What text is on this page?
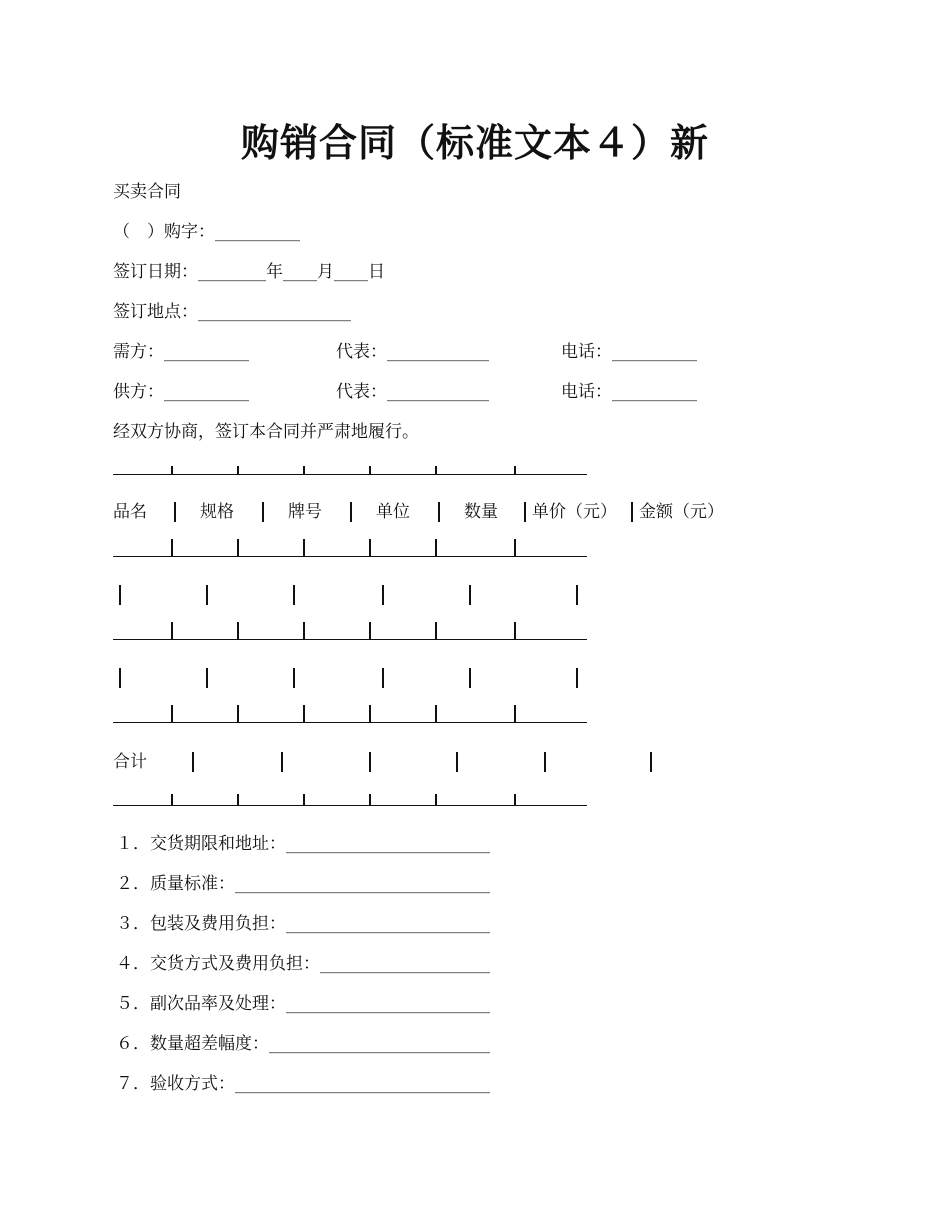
购销合同（标准文本４）新
买卖合同
（　）购字：__________
签订日期：________年____月____日
签订地点：__________________
需方：__________	代表：____________	电话：__________
供方：__________	代表：____________	电话：__________
经双方协商，签订本合同并严肃地履行。
品名	规格	牌号	单位	数量 单价（元） 金额（元）
合计
１．交货期限和地址：________________________
２．质量标准：______________________________
３．包装及费用负担：________________________
４．交货方式及费用负担：____________________
５．副次品率及处理：________________________
６．数量超差幅度：__________________________
７．验收方式：______________________________
